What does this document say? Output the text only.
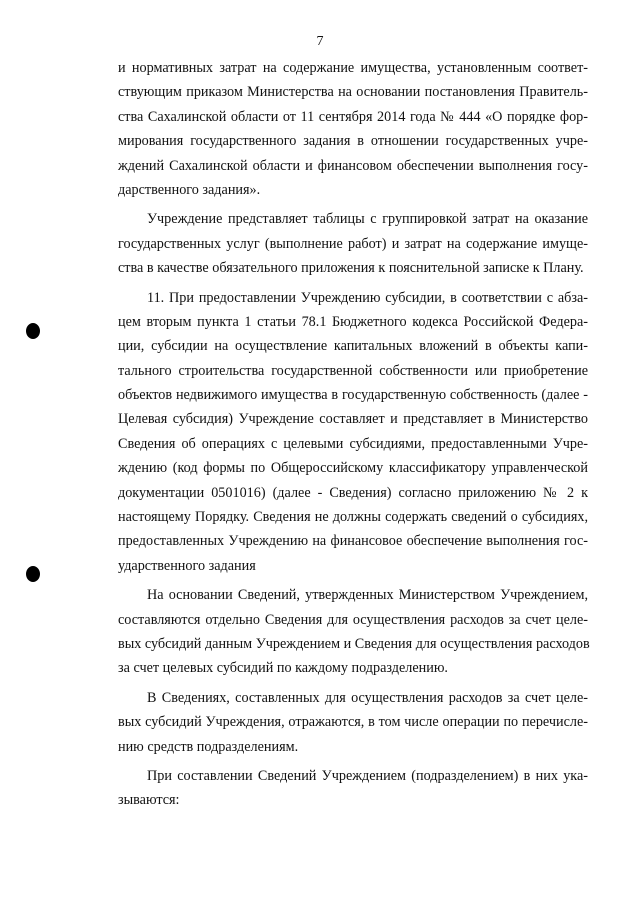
7
и нормативных затрат на содержание имущества, установленным соответ-
ствующим приказом Министерства на основании постановления Правитель-
ства Сахалинской области от 11 сентября 2014 года № 444 «О порядке фор-
мирования государственного задания в отношении государственных учре-
ждений Сахалинской области и финансовом обеспечении выполнения госу-
дарственного задания».
Учреждение представляет таблицы с группировкой затрат на оказание
государственных услуг (выполнение работ) и затрат на содержание имуще-
ства в качестве обязательного приложения к пояснительной записке к Плану.
11. При предоставлении Учреждению субсидии, в соответствии с абза-
цем вторым пункта 1 статьи 78.1 Бюджетного кодекса Российской Федера-
ции, субсидии на осуществление капитальных вложений в объекты капи-
тального строительства государственной собственности или приобретение
объектов недвижимого имущества в государственную собственность (далее -
Целевая субсидия) Учреждение составляет и представляет в Министерство
Сведения об операциях с целевыми субсидиями, предоставленными Учре-
ждению (код формы по Общероссийскому классификатору управленческой
документации 0501016) (далее - Сведения) согласно приложению № 2 к
настоящему Порядку. Сведения не должны содержать сведений о субсидиях,
предоставленных Учреждению на финансовое обеспечение выполнения гос-
ударственного задания
На основании Сведений, утвержденных Министерством Учреждением,
составляются отдельно Сведения для осуществления расходов за счет целе-
вых субсидий данным Учреждением и Сведения для осуществления расходов
за счет целевых субсидий по каждому подразделению.
В Сведениях, составленных для осуществления расходов за счет целе-
вых субсидий Учреждения, отражаются, в том числе операции по перечисле-
нию средств подразделениям.
При составлении Сведений Учреждением (подразделением) в них ука-
зываются:
